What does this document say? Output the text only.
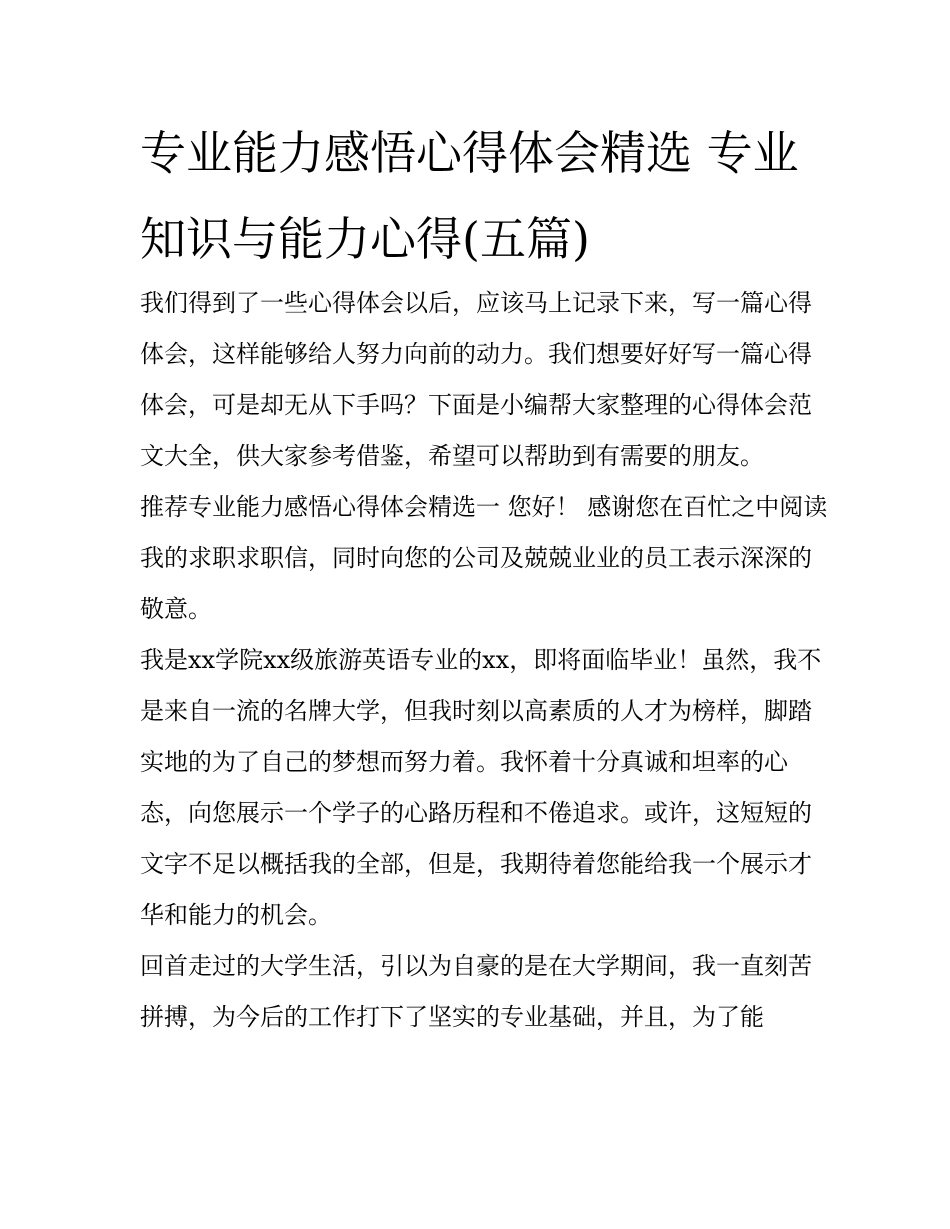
专业能力感悟心得体会精选 专业知识与能力心得(五篇)

我们得到了一些心得体会以后，应该马上记录下来，写一篇心得体会，这样能够给人努力向前的动力。我们想要好好写一篇心得体会，可是却无从下手吗？下面是小编帮大家整理的心得体会范文大全，供大家参考借鉴，希望可以帮助到有需要的朋友。

推荐专业能力感悟心得体会精选一 您好！ 感谢您在百忙之中阅读我的求职求职信，同时向您的公司及兢兢业业的员工表示深深的敬意。

我是xx学院xx级旅游英语专业的xx，即将面临毕业！虽然，我不是来自一流的名牌大学，但我时刻以高素质的人才为榜样，脚踏实地的为了自己的梦想而努力着。我怀着十分真诚和坦率的心态，向您展示一个学子的心路历程和不倦追求。或许，这短短的文字不足以概括我的全部，但是，我期待着您能给我一个展示才华和能力的机会。

回首走过的大学生活，引以为自豪的是在大学期间，我一直刻苦拼搏，为今后的工作打下了坚实的专业基础，并且，为了能
